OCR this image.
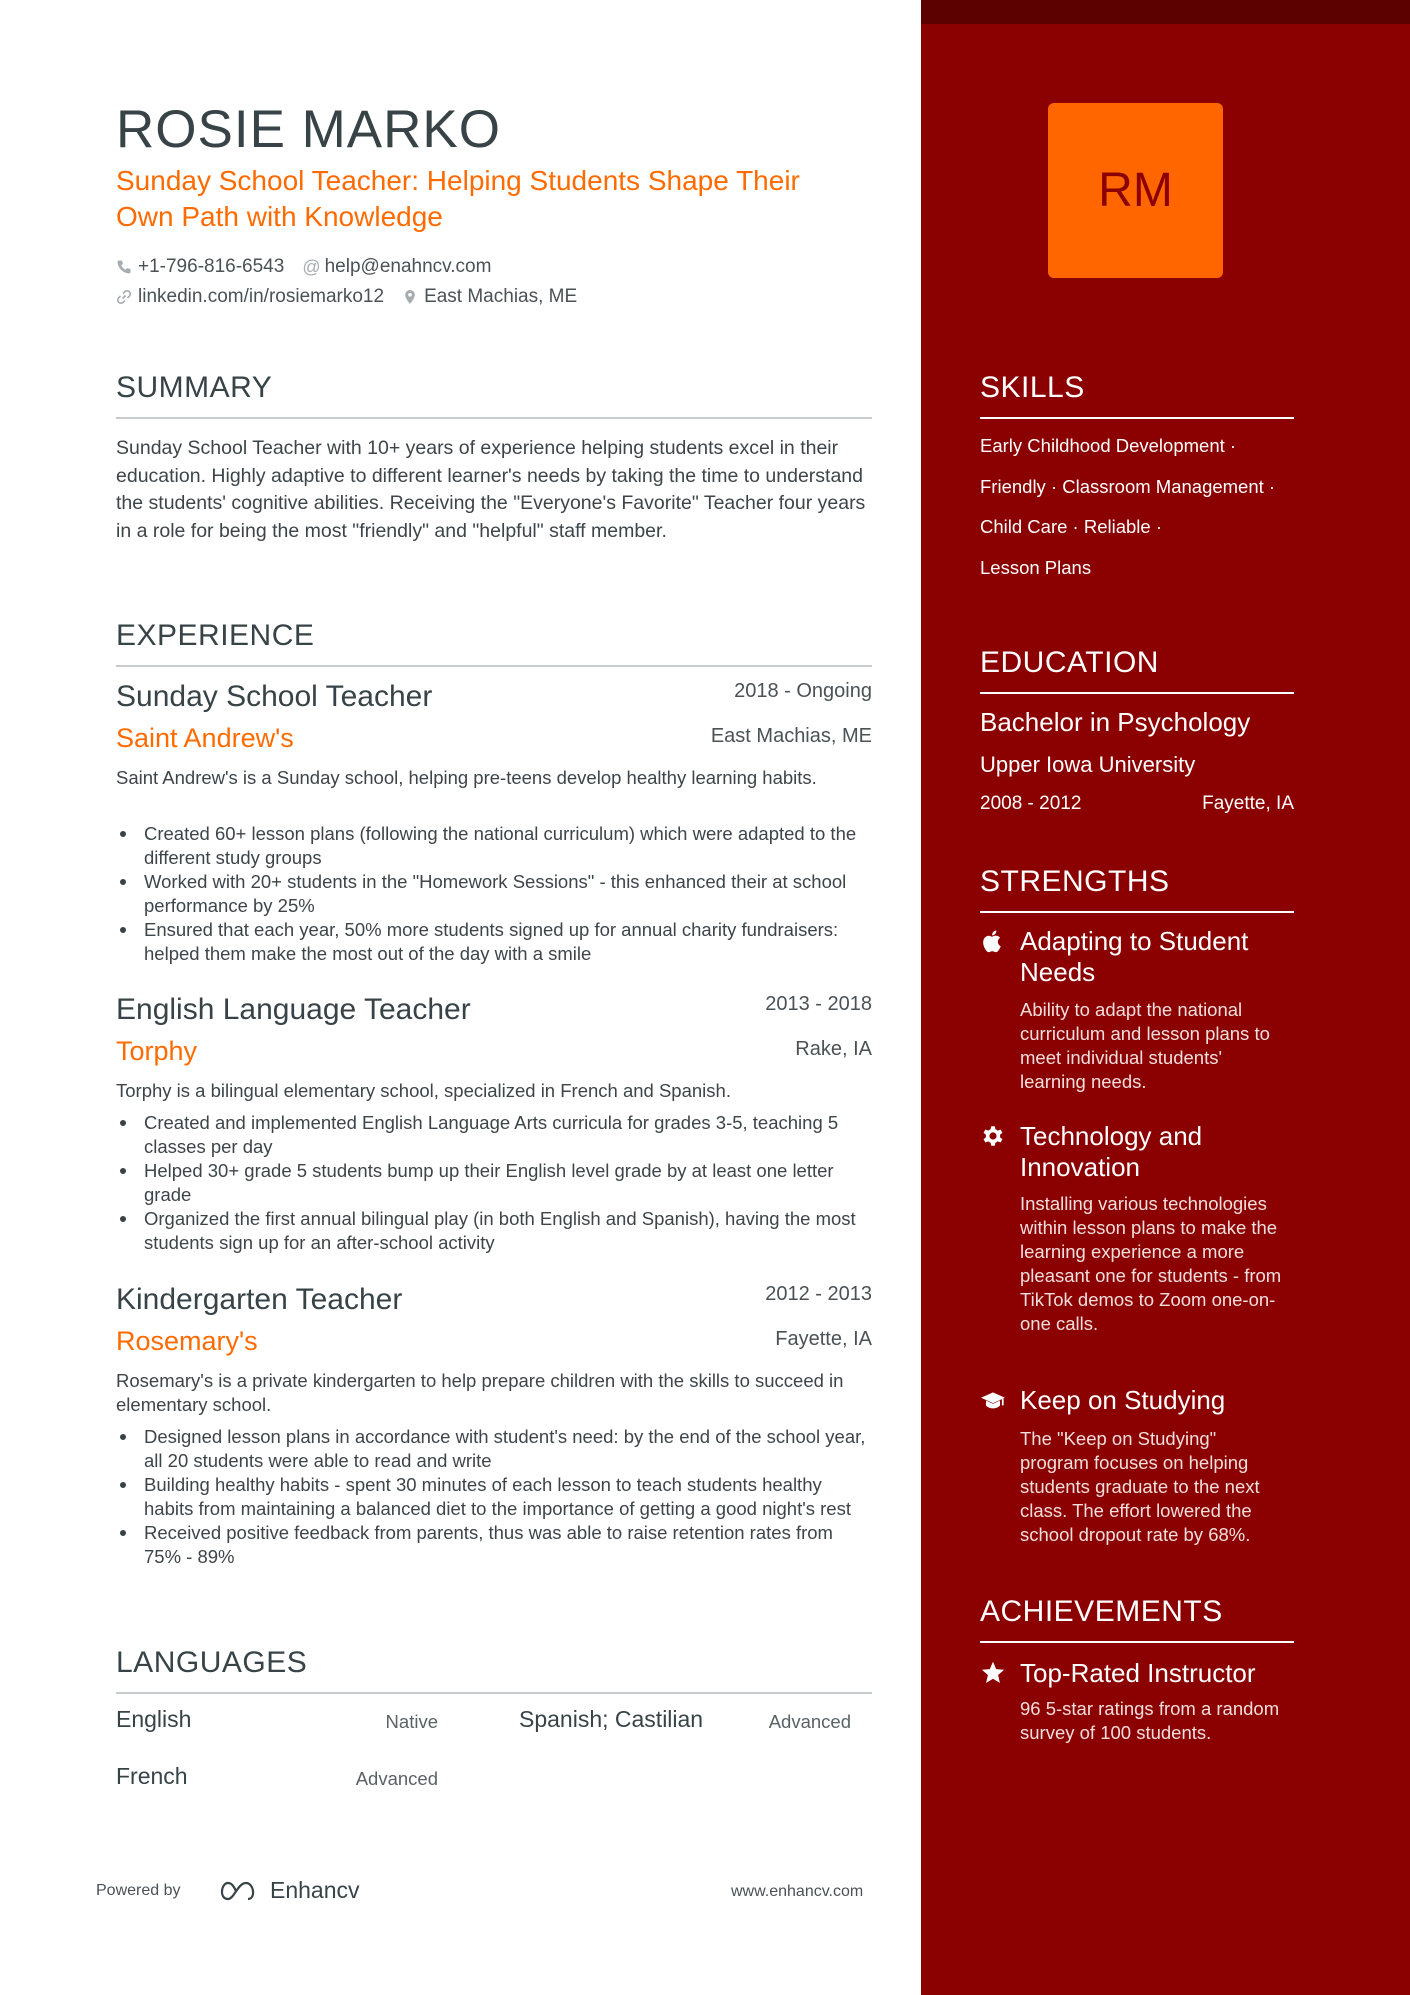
ROSIE MARKO
Sunday School Teacher: Helping Students Shape Their Own Path with Knowledge
+1-796-816-6543 @ help@enahncv.com
linkedin.com/in/rosiemarko12 East Machias, ME
SUMMARY
Sunday School Teacher with 10+ years of experience helping students excel in their education. Highly adaptive to different learner's needs by taking the time to understand the students' cognitive abilities. Receiving the "Everyone's Favorite" Teacher four years in a role for being the most "friendly" and "helpful" staff member.
EXPERIENCE
Sunday School Teacher	2018 - Ongoing
Saint Andrew's	East Machias, ME
Saint Andrew's is a Sunday school, helping pre-teens develop healthy learning habits.
Created 60+ lesson plans (following the national curriculum) which were adapted to the different study groups
Worked with 20+ students in the "Homework Sessions" - this enhanced their at school performance by 25%
Ensured that each year, 50% more students signed up for annual charity fundraisers: helped them make the most out of the day with a smile
English Language Teacher	2013 - 2018
Torphy	Rake, IA
Torphy is a bilingual elementary school, specialized in French and Spanish.
Created and implemented English Language Arts curricula for grades 3-5, teaching 5 classes per day
Helped 30+ grade 5 students bump up their English level grade by at least one letter grade
Organized the first annual bilingual play (in both English and Spanish), having the most students sign up for an after-school activity
Kindergarten Teacher	2012 - 2013
Rosemary's	Fayette, IA
Rosemary's is a private kindergarten to help prepare children with the skills to succeed in elementary school.
Designed lesson plans in accordance with student's need: by the end of the school year, all 20 students were able to read and write
Building healthy habits - spent 30 minutes of each lesson to teach students healthy habits from maintaining a balanced diet to the importance of getting a good night's rest
Received positive feedback from parents, thus was able to raise retention rates from 75% - 89%
LANGUAGES
English	Native	Spanish; Castilian	Advanced
French	Advanced
Powered by	Enhancv	www.enhancv.com
RM
SKILLS
Early Childhood Development ·
Friendly · Classroom Management ·
Child Care · Reliable ·
Lesson Plans
EDUCATION
Bachelor in Psychology
Upper Iowa University
2008 - 2012	Fayette, IA
STRENGTHS
Adapting to Student Needs
Ability to adapt the national curriculum and lesson plans to meet individual students' learning needs.
Technology and Innovation
Installing various technologies within lesson plans to make the learning experience a more pleasant one for students - from TikTok demos to Zoom one-on-one calls.
Keep on Studying
The "Keep on Studying" program focuses on helping students graduate to the next class. The effort lowered the school dropout rate by 68%.
ACHIEVEMENTS
Top-Rated Instructor
96 5-star ratings from a random survey of 100 students.
